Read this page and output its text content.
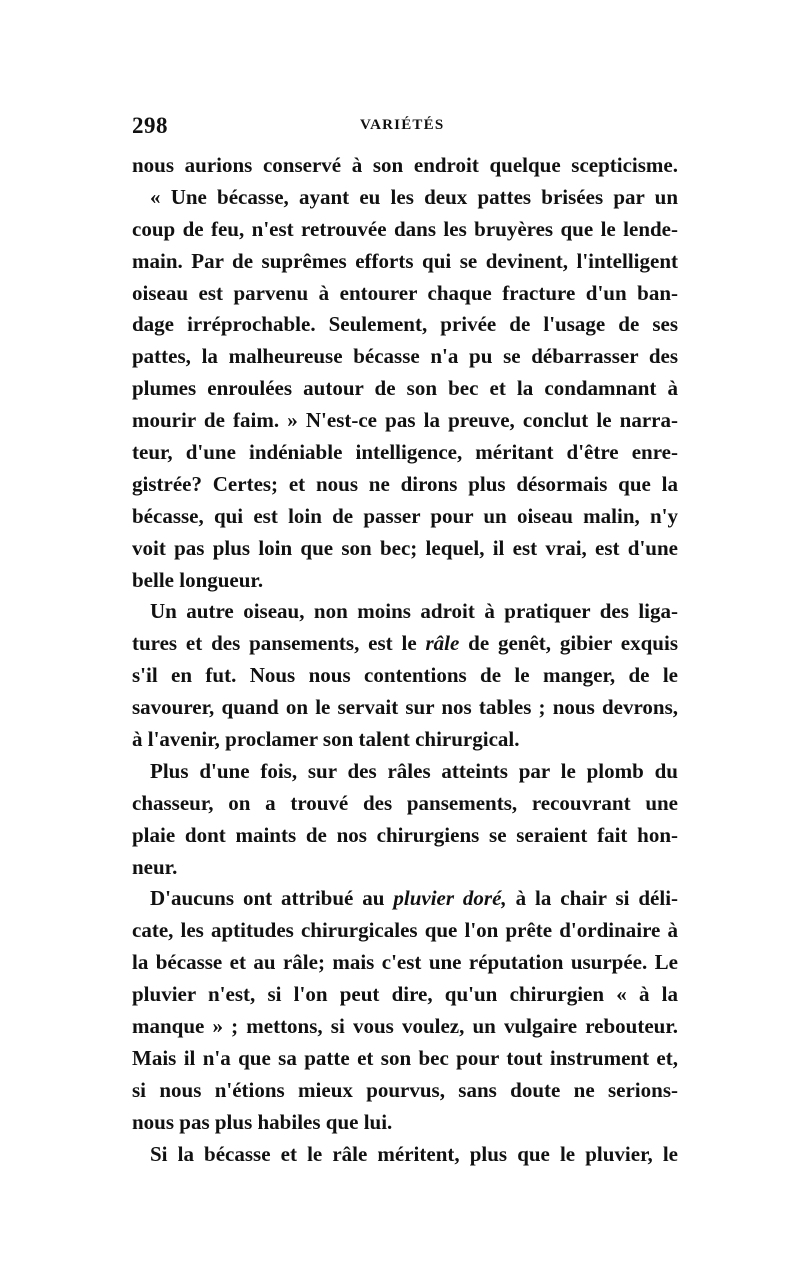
298	VARIÉTÉS
nous aurions conservé à son endroit quelque scepticisme.
« Une bécasse, ayant eu les deux pattes brisées par un
coup de feu, n'est retrouvée dans les bruyères que le lende-
main. Par de suprêmes efforts qui se devinent, l'intelligent
oiseau est parvenu à entourer chaque fracture d'un ban-
dage irréprochable. Seulement, privée de l'usage de ses
pattes, la malheureuse bécasse n'a pu se débarrasser des
plumes enroulées autour de son bec et la condamnant à
mourir de faim. » N'est-ce pas la preuve, conclut le narra-
teur, d'une indéniable intelligence, méritant d'être enre-
gistrée? Certes; et nous ne dirons plus désormais que la
bécasse, qui est loin de passer pour un oiseau malin, n'y
voit pas plus loin que son bec; lequel, il est vrai, est d'une
belle longueur.
Un autre oiseau, non moins adroit à pratiquer des liga-
tures et des pansements, est le râle de genêt, gibier exquis
s'il en fut. Nous nous contentions de le manger, de le
savourer, quand on le servait sur nos tables ; nous devrons,
à l'avenir, proclamer son talent chirurgical.
Plus d'une fois, sur des râles atteints par le plomb du
chasseur, on a trouvé des pansements, recouvrant une
plaie dont maints de nos chirurgiens se seraient fait hon-
neur.
D'aucuns ont attribué au pluvier doré, à la chair si déli-
cate, les aptitudes chirurgicales que l'on prête d'ordinaire à
la bécasse et au râle; mais c'est une réputation usurpée. Le
pluvier n'est, si l'on peut dire, qu'un chirurgien « à la
manque » ; mettons, si vous voulez, un vulgaire rebouteur.
Mais il n'a que sa patte et son bec pour tout instrument et,
si nous n'étions mieux pourvus, sans doute ne serions-
nous pas plus habiles que lui.
Si la bécasse et le râle méritent, plus que le pluvier, le
